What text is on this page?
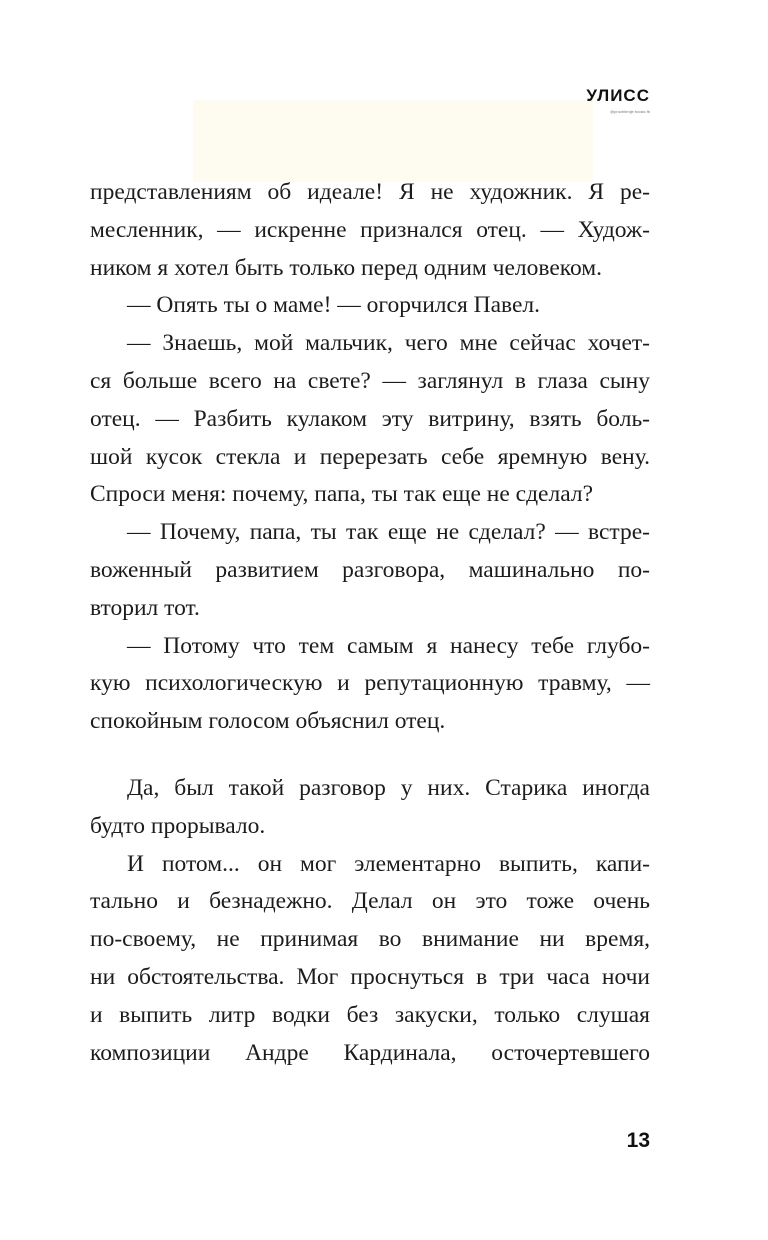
УЛИСС
@prochtenije books fb
представлениям об идеале! Я не художник. Я ре-
месленник, — искренне признался отец. — Худож-
ником я хотел быть только перед одним человеком.
— Опять ты о маме! — огорчился Павел.
— Знаешь, мой мальчик, чего мне сейчас хочет-
ся больше всего на свете? — заглянул в глаза сыну
отец. — Разбить кулаком эту витрину, взять боль-
шой кусок стекла и перерезать себе яремную вену.
Спроси меня: почему, папа, ты так еще не сделал?
— Почему, папа, ты так еще не сделал? — встре-
воженный развитием разговора, машинально по-
вторил тот.
— Потому что тем самым я нанесу тебе глубо-
кую психологическую и репутационную травму, —
спокойным голосом объяснил отец.
Да, был такой разговор у них. Старика иногда
будто прорывало.
И потом... он мог элементарно выпить, капи-
тально и безнадежно. Делал он это тоже очень
по-своему, не принимая во внимание ни время,
ни обстоятельства. Мог проснуться в три часа ночи
и выпить литр водки без закуски, только слушая
композиции Андре Кардинала, осточертевшего
13
